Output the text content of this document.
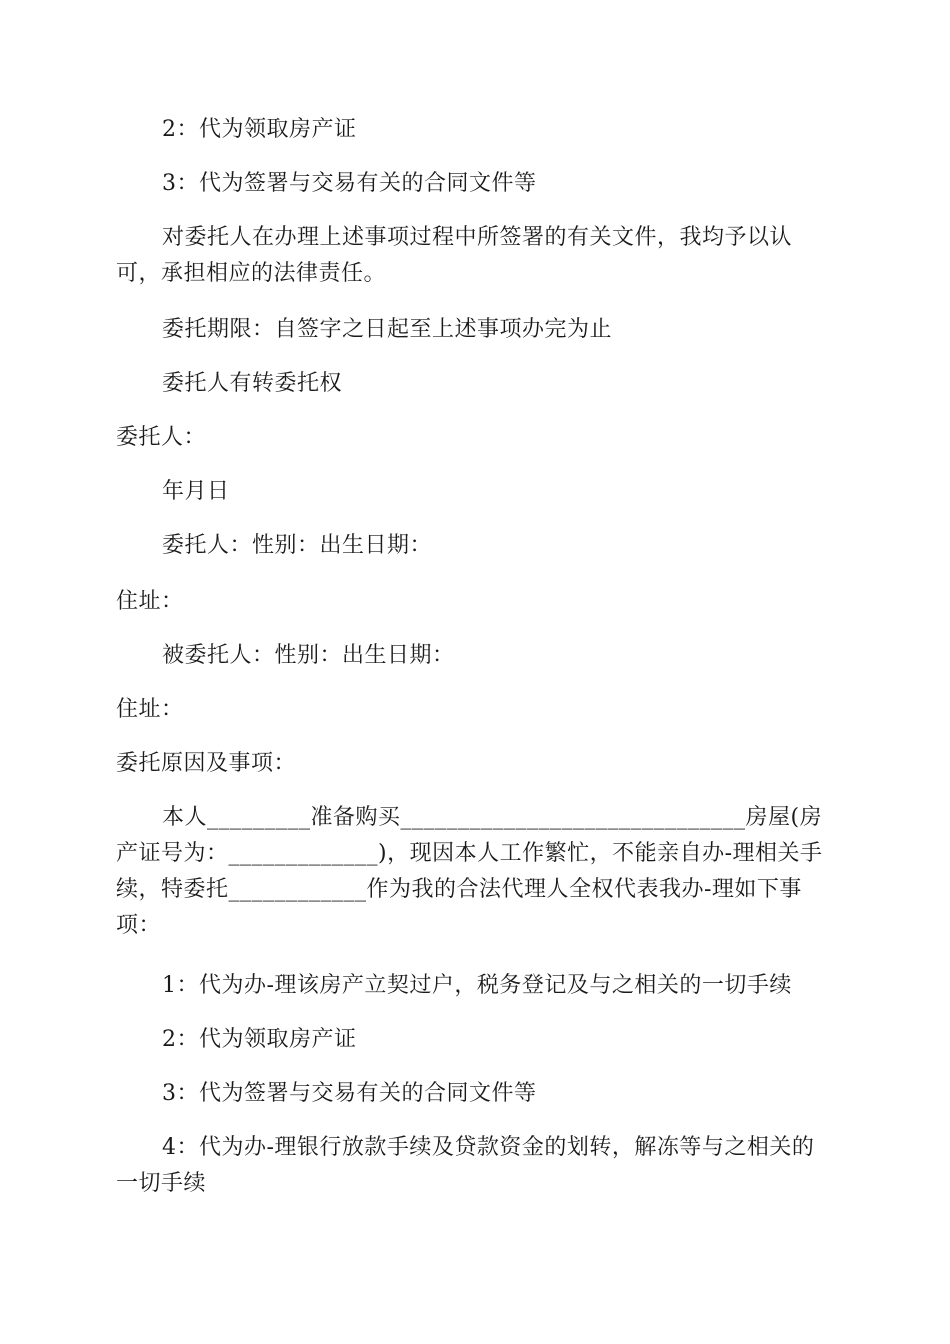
2：代为领取房产证
3：代为签署与交易有关的合同文件等
对委托人在办理上述事项过程中所签署的有关文件，我均予以认可，承担相应的法律责任。
委托期限：自签字之日起至上述事项办完为止
委托人有转委托权
委托人：
年月日
委托人：性别：出生日期：
住址：
被委托人：性别：出生日期：
住址：
委托原因及事项：
本人_________准备购买______________________________房屋(房产证号为：_____________)，现因本人工作繁忙，不能亲自办-理相关手续，特委托____________作为我的合法代理人全权代表我办-理如下事项：
1：代为办-理该房产立契过户，税务登记及与之相关的一切手续
2：代为领取房产证
3：代为签署与交易有关的合同文件等
4：代为办-理银行放款手续及贷款资金的划转，解冻等与之相关的一切手续
